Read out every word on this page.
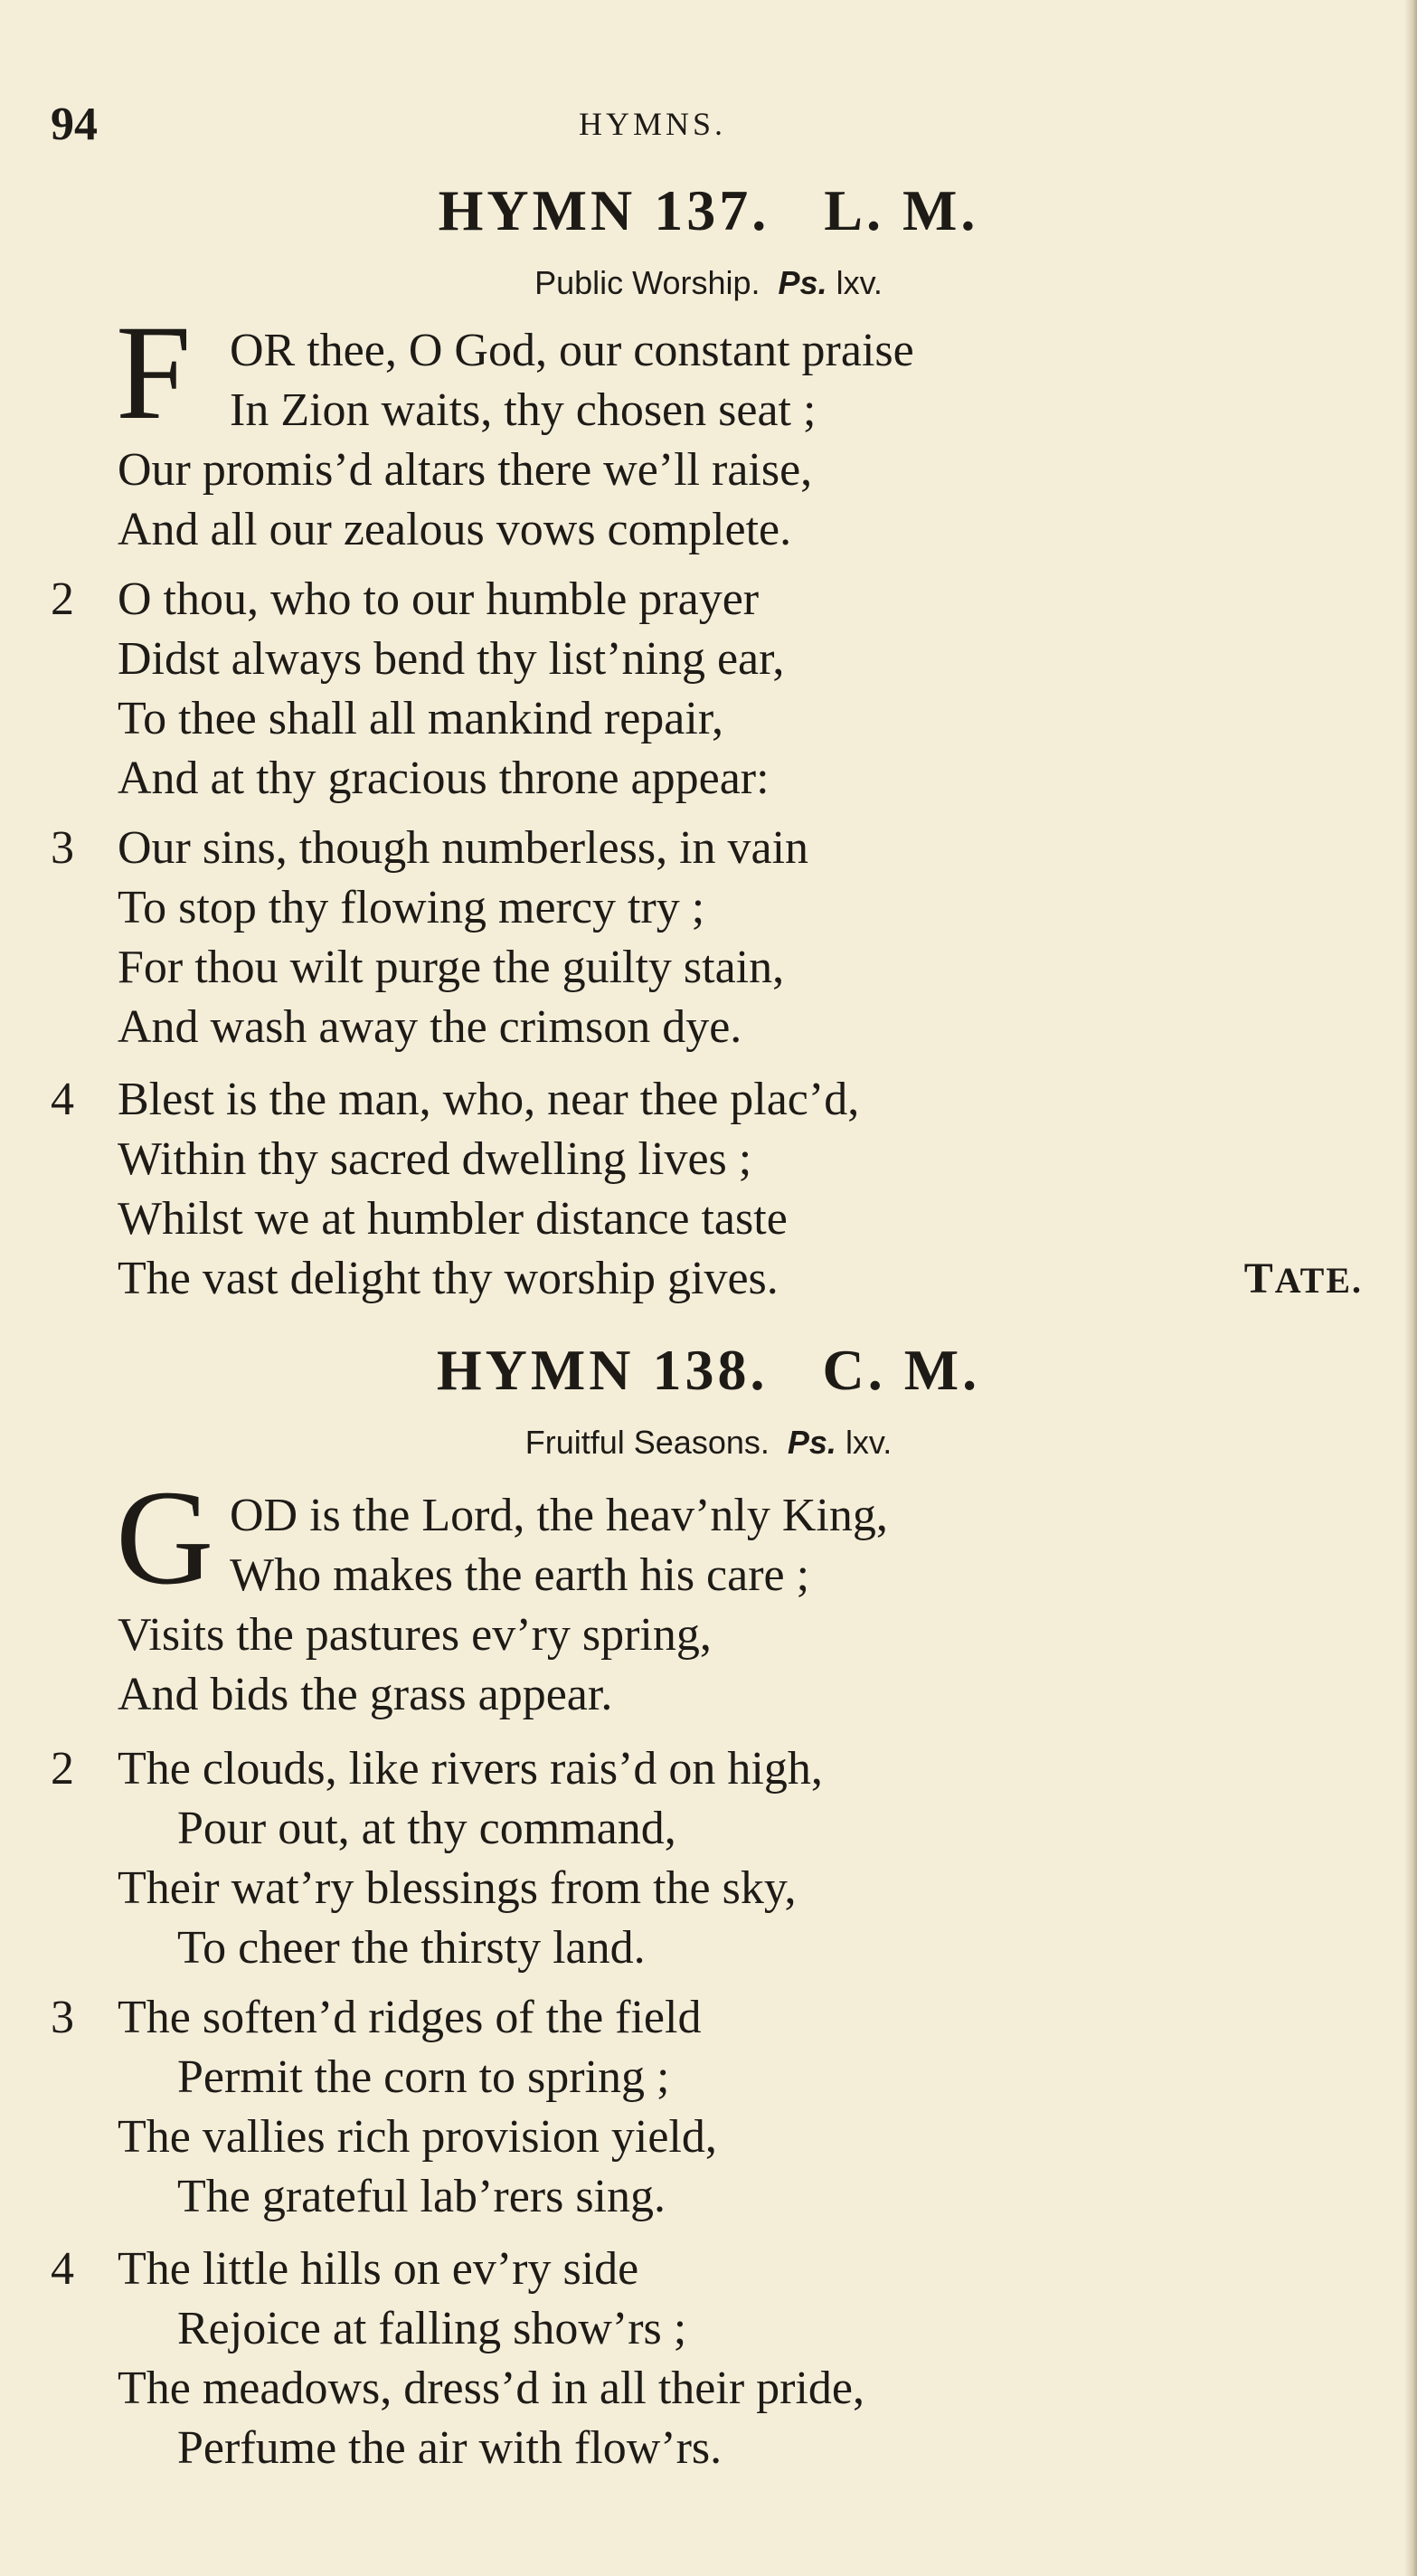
94	HYMNS.
HYMN 137.   L. M.
Public Worship. Ps. lxv.
F OR thee, O God, our constant praise
In Zion waits, thy chosen seat ;
Our promis’d altars there we’ll raise,
And all our zealous vows complete.
2 O thou, who to our humble prayer
Didst always bend thy list’ning ear,
To thee shall all mankind repair,
And at thy gracious throne appear:
3 Our sins, though numberless, in vain
To stop thy flowing mercy try ;
For thou wilt purge the guilty stain,
And wash away the crimson dye.
4 Blest is the man, who, near thee plac’d,
Within thy sacred dwelling lives ;
Whilst we at humbler distance taste
The vast delight thy worship gives.	TATE.
HYMN 138.   C. M.
Fruitful Seasons. Ps. lxv.
G OD is the Lord, the heav’nly King,
Who makes the earth his care ;
Visits the pastures ev’ry spring,
And bids the grass appear.
2 The clouds, like rivers rais’d on high,
Pour out, at thy command,
Their wat’ry blessings from the sky,
To cheer the thirsty land.
3 The soften’d ridges of the field
Permit the corn to spring ;
The vallies rich provision yield,
The grateful lab’rers sing.
4 The little hills on ev’ry side
Rejoice at falling show’rs ;
The meadows, dress’d in all their pride,
Perfume the air with flow’rs.
